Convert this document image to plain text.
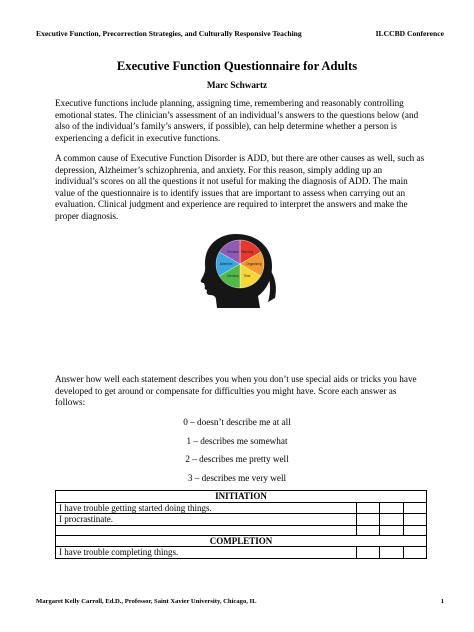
Executive Function, Precorrection Strategies, and Culturally Responsive Teaching	ILCCBD Conference
Executive Function Questionnaire for Adults
Marc Schwartz

Executive functions include planning, assigning time, remembering and reasonably controlling emotional states. The clinician’s assessment of an individual’s answers to the questions below (and also of the individual’s family’s answers, if possible), can help determine whether a person is experiencing a deficit in executive functions.

A common cause of Executive Function Disorder is ADD, but there are other causes as well, such as depression, Alzheimer’s schizophrenia, and anxiety. For this reason, simply adding up an individual’s scores on all the questions it not useful for making the diagnosis of ADD. The main value of the questionnaire is to identify issues that are important to assess when carrying out an evaluation. Clinical judgment and experience are required to interpret the answers and make the proper diagnosis.

Planning
Organizing
Time
Memory
Attention
Emotion

Answer how well each statement describes you when you don’t use special aids or tricks you have developed to get around or compensate for difficulties you might have. Score each answer as follows:

0 – doesn’t describe me at all
1 – describes me somewhat
2 – describes me pretty well
3 – describes me very well
INITIATION			
I have trouble getting started doing things.			
I procrastinate.			

COMPLETION			
I have trouble completing things.			
Margaret Kelly Carroll, Ed.D., Professor, Saint Xavier University, Chicago, IL	1
